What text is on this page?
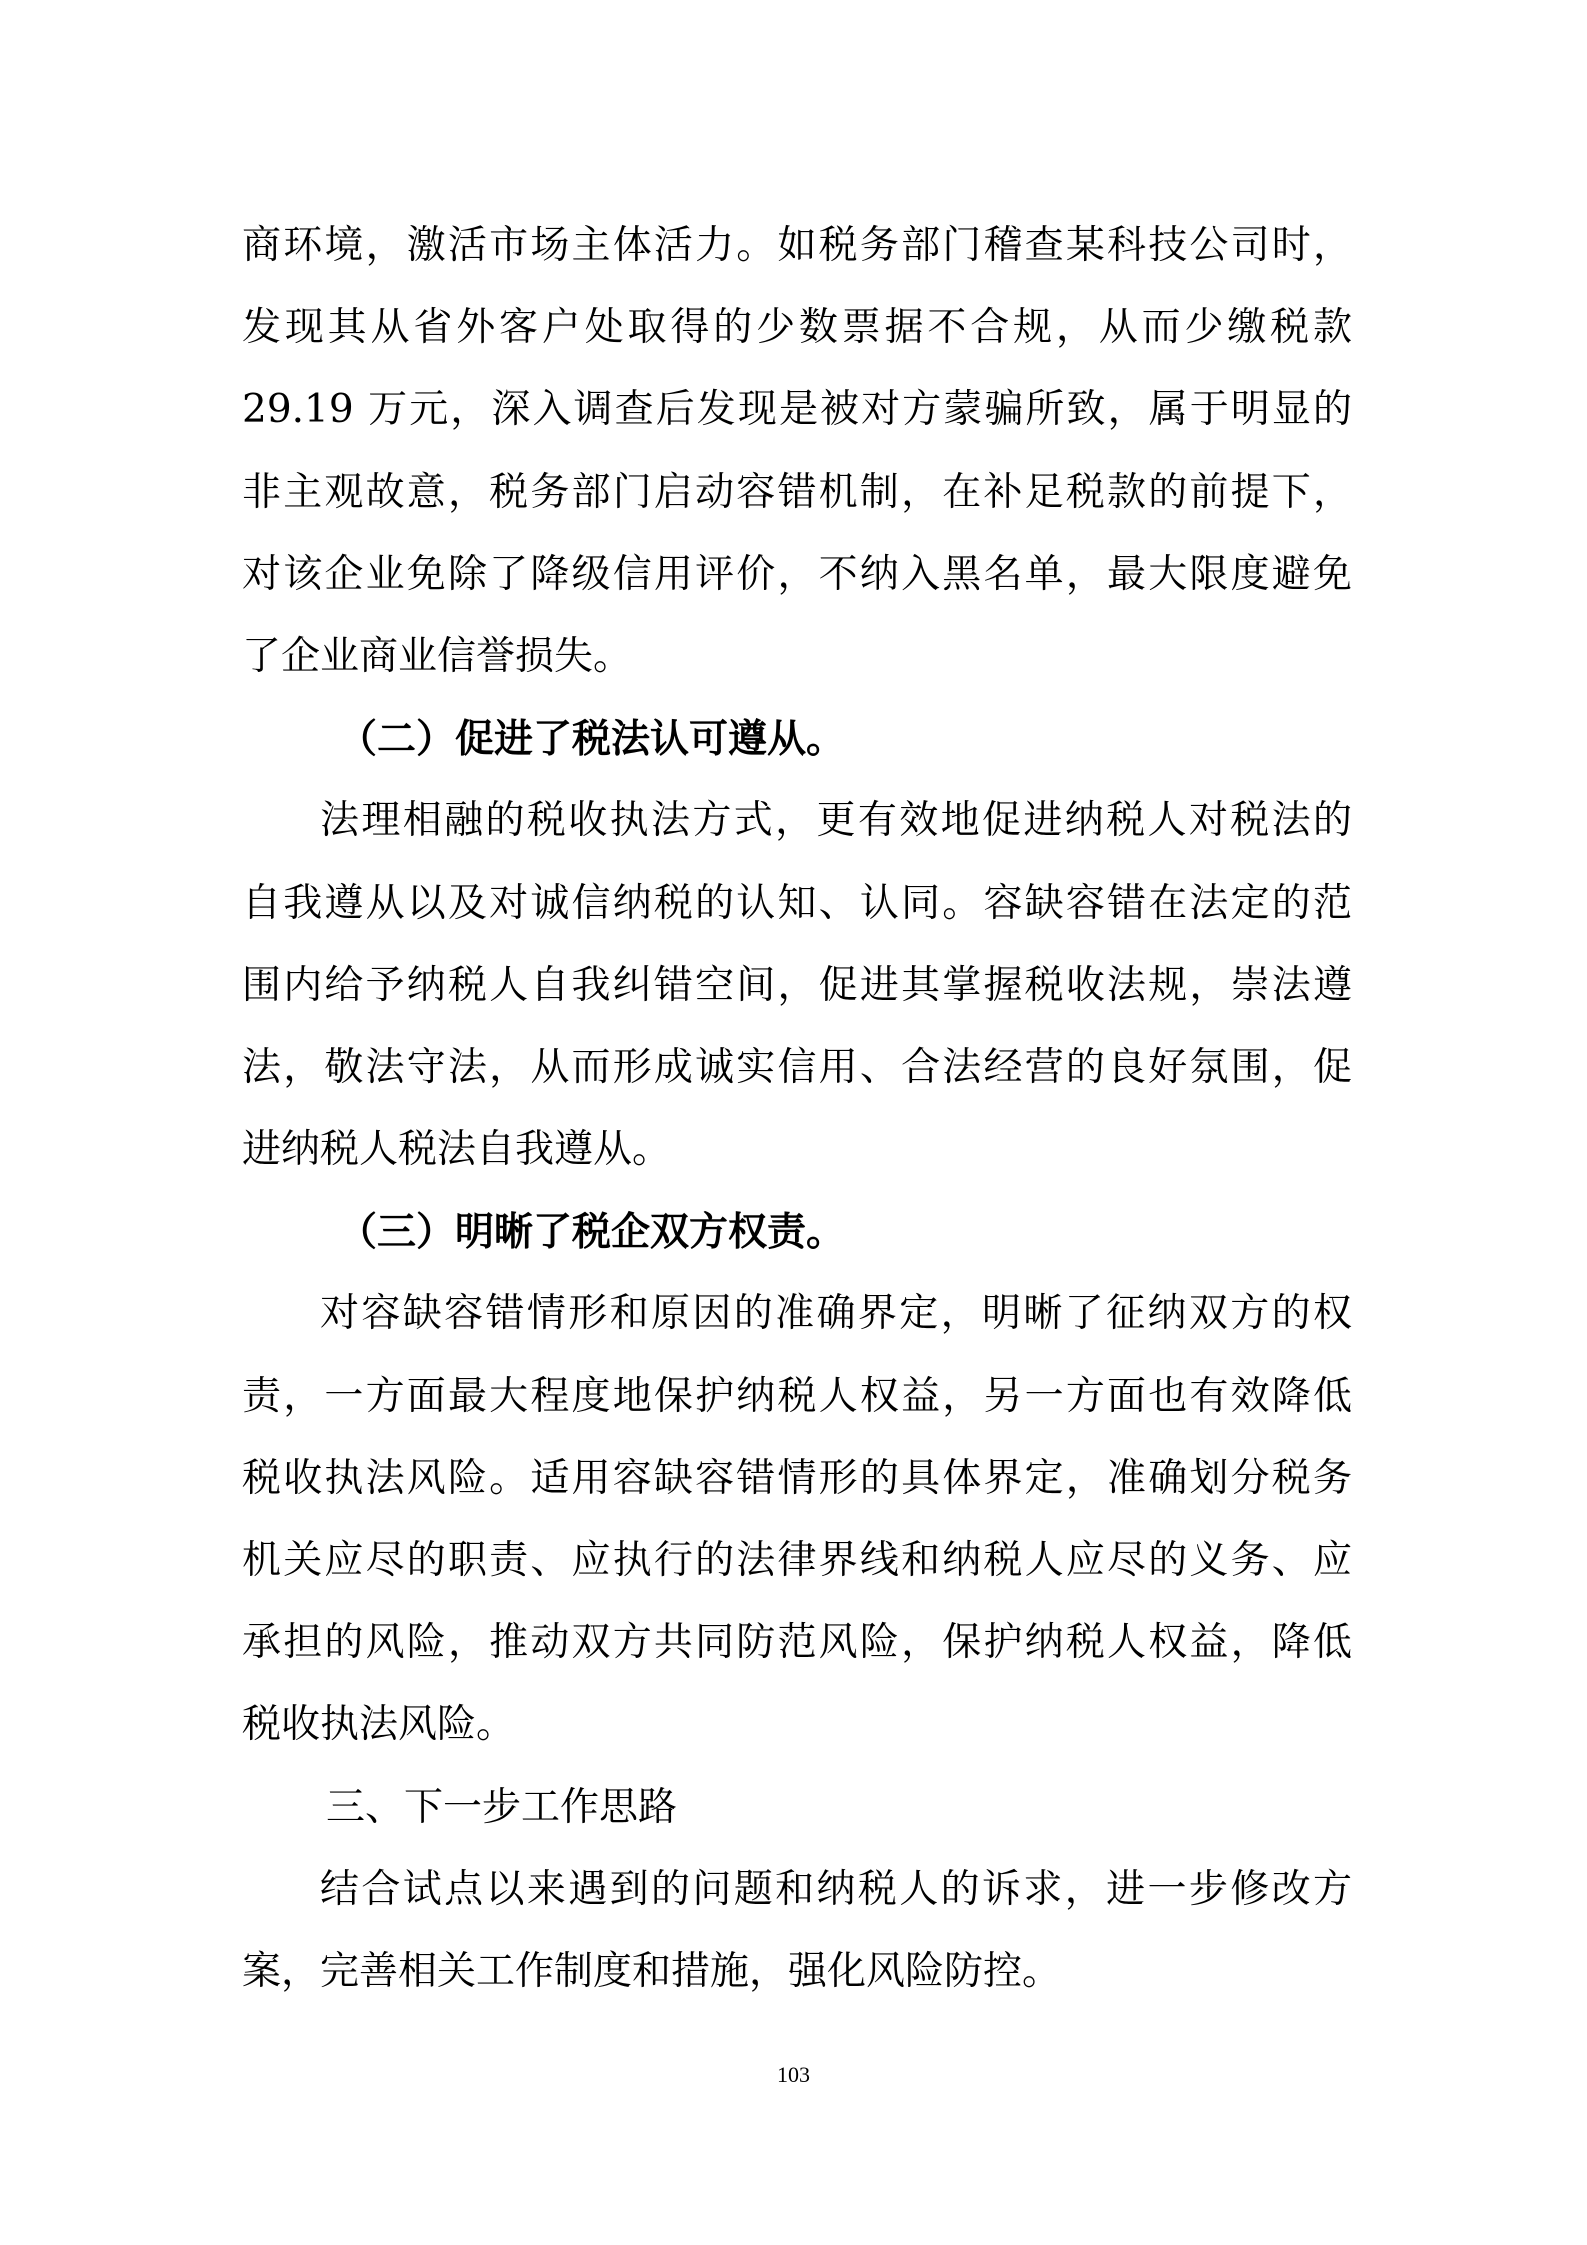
商环境，激活市场主体活力。如税务部门稽查某科技公司时，
发现其从省外客户处取得的少数票据不合规，从而少缴税款
29.19 万元，深入调查后发现是被对方蒙骗所致，属于明显的
非主观故意，税务部门启动容错机制，在补足税款的前提下，
对该企业免除了降级信用评价，不纳入黑名单，最大限度避免
了企业商业信誉损失。
（二）促进了税法认可遵从。
法理相融的税收执法方式，更有效地促进纳税人对税法的
自我遵从以及对诚信纳税的认知、认同。容缺容错在法定的范
围内给予纳税人自我纠错空间，促进其掌握税收法规，崇法遵
法，敬法守法，从而形成诚实信用、合法经营的良好氛围，促
进纳税人税法自我遵从。
（三）明晰了税企双方权责。
对容缺容错情形和原因的准确界定，明晰了征纳双方的权
责，一方面最大程度地保护纳税人权益，另一方面也有效降低
税收执法风险。适用容缺容错情形的具体界定，准确划分税务
机关应尽的职责、应执行的法律界线和纳税人应尽的义务、应
承担的风险，推动双方共同防范风险，保护纳税人权益，降低
税收执法风险。
三、下一步工作思路
结合试点以来遇到的问题和纳税人的诉求，进一步修改方
案，完善相关工作制度和措施，强化风险防控。
103
